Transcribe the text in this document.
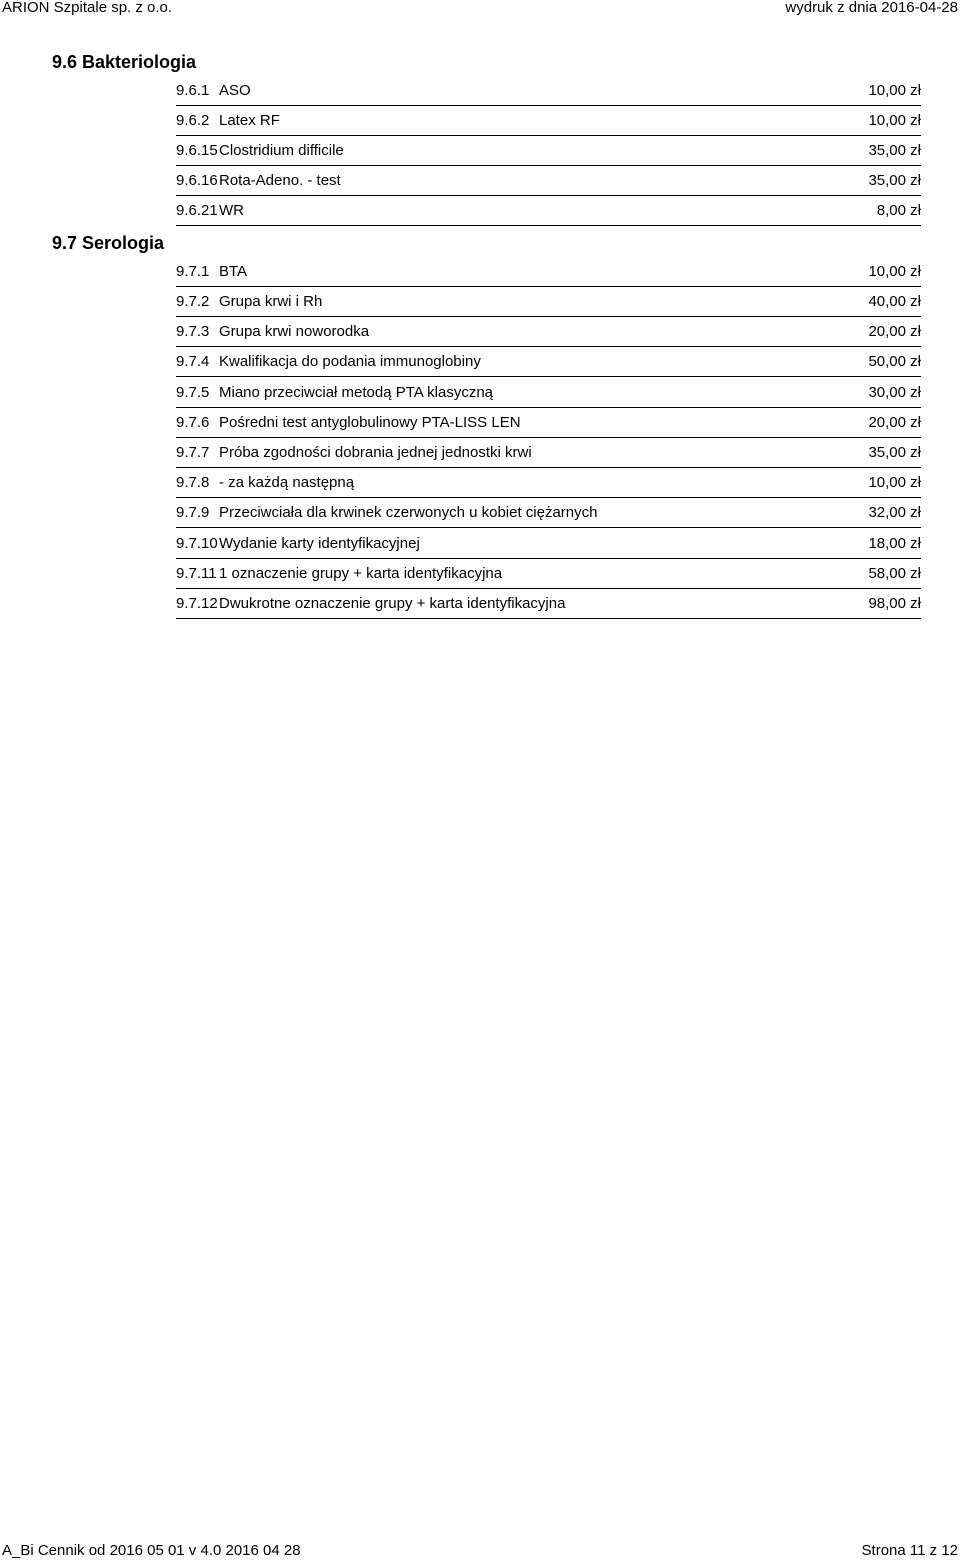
ARION Szpitale sp. z o.o.	wydruk z dnia 2016-04-28
9.6 Bakteriologia
9.6.1 ASO	10,00 zł
9.6.2 Latex RF	10,00 zł
9.6.15 Clostridium difficile	35,00 zł
9.6.16 Rota-Adeno. - test	35,00 zł
9.6.21 WR	8,00 zł
9.7 Serologia
9.7.1 BTA	10,00 zł
9.7.2 Grupa krwi i Rh	40,00 zł
9.7.3 Grupa krwi noworodka	20,00 zł
9.7.4 Kwalifikacja do podania immunoglobiny	50,00 zł
9.7.5 Miano przeciwciał metodą PTA klasyczną	30,00 zł
9.7.6 Pośredni test antyglobulinowy PTA-LISS LEN	20,00 zł
9.7.7 Próba zgodności dobrania jednej jednostki krwi	35,00 zł
9.7.8 - za każdą następną	10,00 zł
9.7.9 Przeciwciała dla krwinek czerwonych u kobiet ciężarnych	32,00 zł
9.7.10 Wydanie karty identyfikacyjnej	18,00 zł
9.7.11 1 oznaczenie grupy + karta identyfikacyjna	58,00 zł
9.7.12 Dwukrotne oznaczenie grupy + karta identyfikacyjna	98,00 zł
A_Bi Cennik od 2016 05 01 v 4.0 2016 04 28	Strona 11 z 12
